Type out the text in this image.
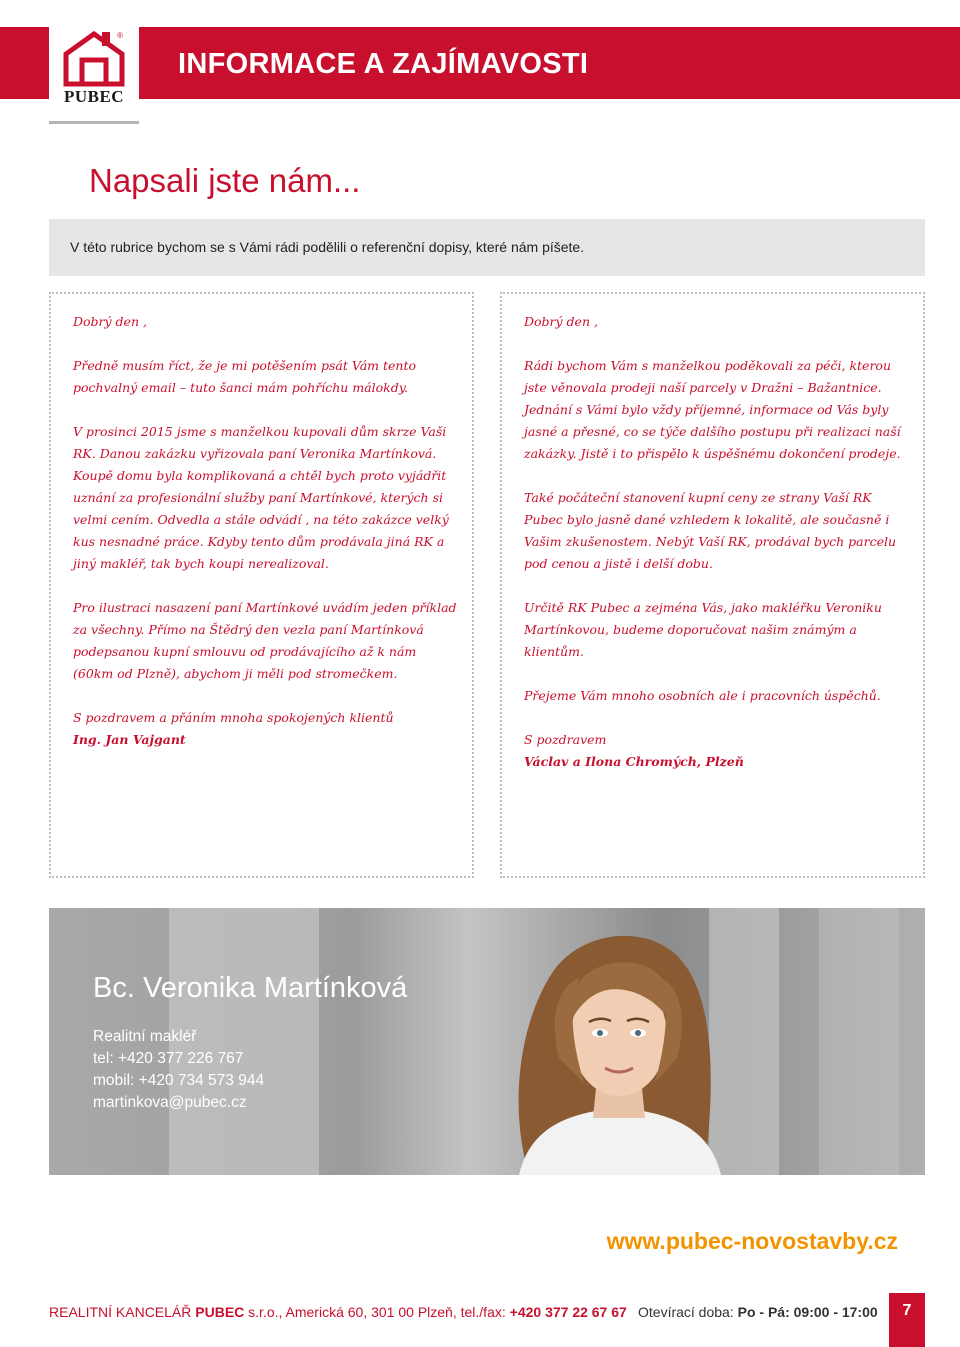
®
PUBEC
INFORMACE A ZAJÍMAVOSTI
Napsali jste nám...
V této rubrice bychom se s Vámi rádi podělili o referenční dopisy, které nám píšete.

Dobrý den ,

Předně musím říct, že je mi potěšením psát Vám tento pochvalný email – tuto šanci mám pohříchu málokdy.

V prosinci 2015 jsme s manželkou kupovali dům skrze Vaši RK. Danou zakázku vyřizovala paní Veronika Martínková. Koupě domu byla komplikovaná a chtěl bych proto vyjádřit uznání za profesionální služby paní Martínkové, kterých si velmi cením. Odvedla a stále odvádí , na této zakázce velký kus nesnadné práce. Kdyby tento dům prodávala jiná RK a jiný makléř, tak bych koupi nerealizoval.

Pro ilustraci nasazení paní Martínkové uvádím jeden příklad za všechny. Přímo na Štědrý den vezla paní Martínková podepsanou kupní smlouvu od prodávajícího až k nám (60km od Plzně), abychom ji měli pod stromečkem.

S pozdravem a přáním mnoha spokojených klientů
Ing. Jan Vajgant

Dobrý den ,

Rádi bychom Vám s manželkou poděkovali za péči, kterou jste věnovala prodeji naší parcely v Dražni – Bažantnice. Jednání s Vámi bylo vždy příjemné, informace od Vás byly jasné a přesné, co se týče dalšího postupu při realizaci naší zakázky. Jistě i to přispělo k úspěšnému dokončení prodeje.

Také počáteční stanovení kupní ceny ze strany Vaší RK Pubec bylo jasně dané vzhledem k lokalitě, ale současně i Vašim zkušenostem. Nebýt Vaší RK, prodával bych parcelu pod cenou a jistě i delší dobu.

Určitě RK Pubec a zejména Vás, jako makléřku Veroniku Martínkovou, budeme doporučovat našim známým a klientům.

Přejeme Vám mnoho osobních ale i pracovních úspěchů.

S pozdravem
Václav a Ilona Chromých, Plzeň

Bc. Veronika Martínková
Realitní makléř
tel: +420 377 226 767
mobil: +420 734 573 944
martinkova@pubec.cz
www.pubec-novostavby.cz
REALITNÍ KANCELÁŘ PUBEC s.r.o., Americká 60, 301 00 Plzeň, tel./fax: +420 377 22 67 67 Otevírací doba: Po - Pá: 09:00 - 17:00	7
